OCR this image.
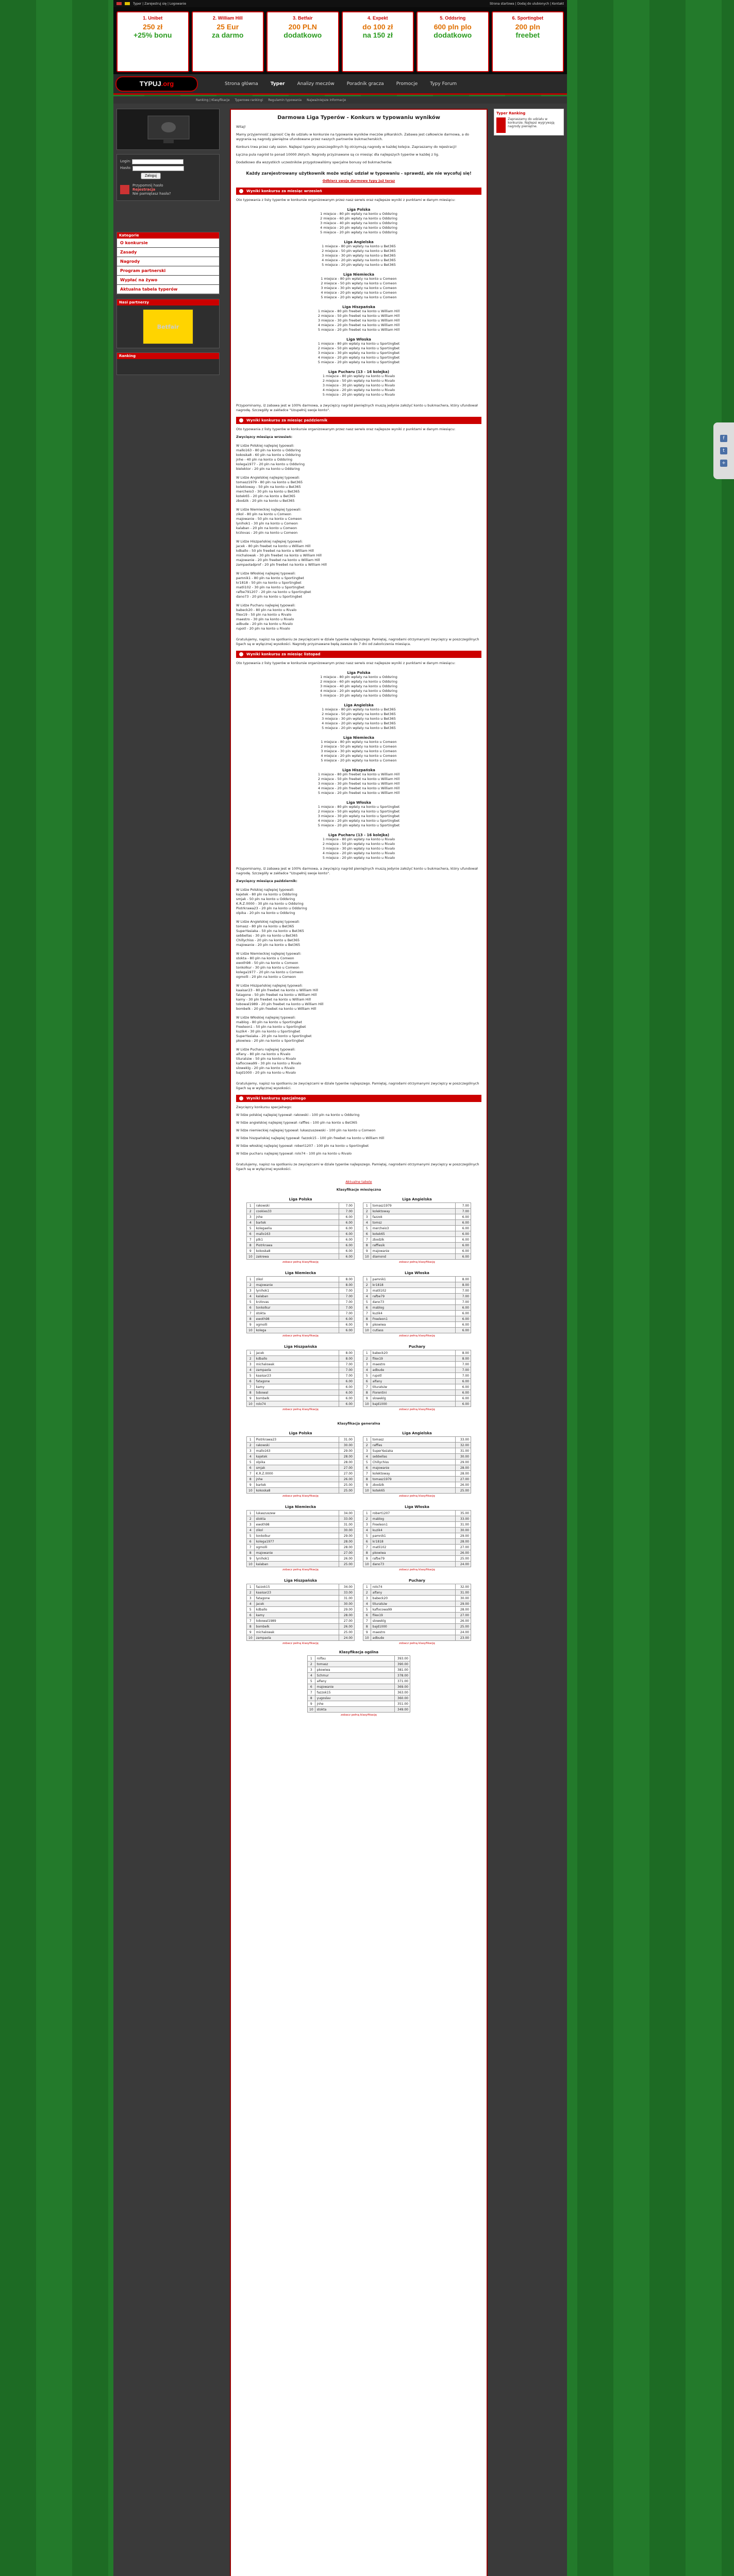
Typer | Zarejestruj się | Logowanie	Strona startowa | Dodaj do ulubionych | Kontakt
1. Unibet
250 zł
+25% bonu
2. William Hill
25 Eur
za darmo
3. Betfair
200 PLN
dodatkowo
4. Expekt
do 100 zł
na 150 zł
5. Oddsring
600 pln plo
dodatkowo
6. Sportingbet
200 pln
freebet
TYPUJ .org	Strona główna	Typer	Analizy meczów	Poradnik gracza	Promocje	Typy Forum
Ranking | Klasyfikacje Typerowe rankingi Regulamin typowania Najważniejsze informacje
Login:
Hasło:
Zaloguj
Przypomnij hasło
Rejestracja
Nie pamiętasz hasła?
Kategorie
O konkursie
Zasady
Nagrody
Program partnerski
Wypłać na żywo
Aktualna tabela typerów
Nasi partnerzy
Betfair
Ranking
Darmowa Liga Typerów - Konkurs w typowaniu wyników

Witaj!

Mamy przyjemność zaprosić Cię do udziału w konkursie na typowanie wyników meczów piłkarskich. Zabawa jest całkowicie darmowa, a do wygrania są nagrody pieniężne ufundowane przez naszych partnerów bukmacherskich.

Konkurs trwa przez cały sezon. Najlepsi typerzy poszczególnych lig otrzymują nagrody w każdej kolejce. Zapraszamy do rejestracji!

Łączna pula nagród to ponad 10000 złotych. Nagrody przyznawane są co miesiąc dla najlepszych typerów w każdej z lig.

Dodatkowo dla wszystkich uczestników przygotowaliśmy specjalne bonusy od bukmacherów.

Każdy zarejestrowany użytkownik może wziąć udział w typowaniu - sprawdź, ale nie wycofuj się!

Odbierz swoje darmowe typy już teraz

Wyniki konkursu za miesiąc wrzesień

Oto typowania z listy typerów w konkursie organizowanym przez nasz serwis oraz najlepsze wyniki z punktami w danym miesiącu:

Liga Polska
1 miejsce - 80 pln wpłaty na konto u Oddsring
2 miejsce - 60 pln wpłaty na konto u Oddsring
3 miejsce - 40 pln wpłaty na konto u Oddsring
4 miejsce - 20 pln wpłaty na konto u Oddsring
5 miejsce - 20 pln wpłaty na konto u Oddsring
Liga Angielska
1 miejsce - 80 pln wpłaty na konto u Bet365
2 miejsce - 50 pln wpłaty na konto u Bet365
3 miejsce - 30 pln wpłaty na konto u Bet365
4 miejsce - 20 pln wpłaty na konto u Bet365
5 miejsce - 20 pln wpłaty na konto u Bet365
Liga Niemiecka
1 miejsce - 80 pln wpłaty na konto u Comeon
2 miejsce - 50 pln wpłaty na konto u Comeon
3 miejsce - 30 pln wpłaty na konto u Comeon
4 miejsce - 20 pln wpłaty na konto u Comeon
5 miejsce - 20 pln wpłaty na konto u Comeon
Liga Hiszpańska
1 miejsce - 80 pln freebet na konto u William Hill
2 miejsce - 50 pln freebet na konto u William Hill
3 miejsce - 30 pln freebet na konto u William Hill
4 miejsce - 20 pln freebet na konto u William Hill
5 miejsce - 20 pln freebet na konto u William Hill
Liga Włoska
1 miejsce - 80 pln wpłaty na konto u Sportingbet
2 miejsce - 50 pln wpłaty na konto u Sportingbet
3 miejsce - 30 pln wpłaty na konto u Sportingbet
4 miejsce - 20 pln wpłaty na konto u Sportingbet
5 miejsce - 20 pln wpłaty na konto u Sportingbet
Liga Pucharu (13 - 16 kolejka)
1 miejsce - 80 pln wpłaty na konto u Rivalo
2 miejsce - 50 pln wpłaty na konto u Rivalo
3 miejsce - 30 pln wpłaty na konto u Rivalo
4 miejsce - 20 pln wpłaty na konto u Rivalo
5 miejsce - 20 pln wpłaty na konto u Rivalo

Przypominamy, iż zabawa jest w 100% darmowa, a zwycięzcy nagród pieniężnych muszą jedynie założyć konto u bukmachera, który ufundował nagrodę. Szczegóły w zakładce "Uzupełnij swoje konto".

Wyniki konkursu za miesiąc październik

Oto typowania z listy typerów w konkursie organizowanym przez nasz serwis oraz najlepsze wyniki z punktami w danym miesiącu:

Zwycięzcy miesiąca wrzesień:

W Lidze Polskiej najlepiej typowali:
mallo163 - 80 pln na konto u Oddsring
kokoska8 - 60 pln na konto u Oddsring
jnhe - 40 pln na konto u Oddsring
kolega1977 - 20 pln na konto u Oddsring
bielektor - 20 pln na konto u Oddsring
W Lidze Angielskiej najlepiej typowali:
tomasz1979 - 80 pln na konto u Bet365
kolektoway - 50 pln na konto u Bet365
mercheio3 - 30 pln na konto u Bet365
kotek65 - 20 pln na konto u Bet365
zbodzik - 20 pln na konto u Bet365
W Lidze Niemieckiej najlepiej typowali:
zikol - 80 pln na konto u Comeon
majowanie - 50 pln na konto u Comeon
lynihok1 - 30 pln na konto u Comeon
kalaban - 20 pln na konto u Comeon
krzlovas - 20 pln na konto u Comeon
W Lidze Hiszpańskiej najlepiej typowali:
jacek - 80 pln freebet na konto u William Hill
kdballo - 50 pln freebet na konto u William Hill
michalowak - 30 pln freebet na konto u William Hill
majowanie - 20 pln freebet na konto u William Hill
zampaoladprof - 20 pln freebet na konto u William Hill
W Lidze Włoskiej najlepiej typowali:
pamnik1 - 80 pln na konto u Sportingbet
kr1818 - 50 pln na konto u Sportingbet
matli102 - 30 pln na konto u Sportingbet
rafbe791207 - 20 pln na konto u Sportingbet
dano73 - 20 pln na konto u Sportingbet
W Lidze Pucharu najlepiej typowali:
babeck20 - 80 pln na konto u Rivalo
filex19 - 50 pln na konto u Rivalo
maestro - 30 pln na konto u Rivalo
adbude - 20 pln na konto u Rivalo
rupotl - 20 pln na konto u Rivalo

Gratulujemy, napisz na spotkaniu ze zwycięzcami w dziale typerów najlepszego. Pamiętaj, nagrodami otrzymanymi zwycięzcy w poszczególnych ligach są w wyłącznej wysokości. Nagrody przyznawane będą zawsze do 7 dni od zakończenia miesiąca.

Wyniki konkursu za miesiąc listopad

Oto typowania z listy typerów w konkursie organizowanym przez nasz serwis oraz najlepsze wyniki z punktami w danym miesiącu:

Liga Polska
1 miejsce - 80 pln wpłaty na konto u Oddsring
2 miejsce - 60 pln wpłaty na konto u Oddsring
3 miejsce - 40 pln wpłaty na konto u Oddsring
4 miejsce - 20 pln wpłaty na konto u Oddsring
5 miejsce - 20 pln wpłaty na konto u Oddsring
Liga Angielska
1 miejsce - 80 pln wpłaty na konto u Bet365
2 miejsce - 50 pln wpłaty na konto u Bet365
3 miejsce - 30 pln wpłaty na konto u Bet365
4 miejsce - 20 pln wpłaty na konto u Bet365
5 miejsce - 20 pln wpłaty na konto u Bet365
Liga Niemiecka
1 miejsce - 80 pln wpłaty na konto u Comeon
2 miejsce - 50 pln wpłaty na konto u Comeon
3 miejsce - 30 pln wpłaty na konto u Comeon
4 miejsce - 20 pln wpłaty na konto u Comeon
5 miejsce - 20 pln wpłaty na konto u Comeon
Liga Hiszpańska
1 miejsce - 80 pln freebet na konto u William Hill
2 miejsce - 50 pln freebet na konto u William Hill
3 miejsce - 30 pln freebet na konto u William Hill
4 miejsce - 20 pln freebet na konto u William Hill
5 miejsce - 20 pln freebet na konto u William Hill
Liga Włoska
1 miejsce - 80 pln wpłaty na konto u Sportingbet
2 miejsce - 50 pln wpłaty na konto u Sportingbet
3 miejsce - 30 pln wpłaty na konto u Sportingbet
4 miejsce - 20 pln wpłaty na konto u Sportingbet
5 miejsce - 20 pln wpłaty na konto u Sportingbet
Liga Pucharu (13 - 16 kolejka)
1 miejsce - 80 pln wpłaty na konto u Rivalo
2 miejsce - 50 pln wpłaty na konto u Rivalo
3 miejsce - 30 pln wpłaty na konto u Rivalo
4 miejsce - 20 pln wpłaty na konto u Rivalo
5 miejsce - 20 pln wpłaty na konto u Rivalo

Przypominamy, iż zabawa jest w 100% darmowa, a zwycięzcy nagród pieniężnych muszą jedynie założyć konto u bukmachera, który ufundował nagrodę. Szczegóły w zakładce "Uzupełnij swoje konto".

Zwycięzcy miesiąca październik:

W Lidze Polskiej najlepiej typowali:
kajetek - 80 pln na konto u Oddsring
smjak - 50 pln na konto u Oddsring
K.R.Z.0000 - 30 pln na konto u Oddsring
Piotrkrawa23 - 20 pln na konto u Oddsring
olpika - 20 pln na konto u Oddsring
W Lidze Angielskiej najlepiej typowali:
tomasz - 80 pln na konto u Bet365
SuperYasiaka - 50 pln na konto u Bet365
sebbellas - 30 pln na konto u Bet365
Chillychiss - 20 pln na konto u Bet365
majowanie - 20 pln na konto u Bet365
W Lidze Niemieckiej najlepiej typowali:
stokta - 80 pln na konto u Comeon
ewoth98 - 50 pln na konto u Comeon
tonkolkur - 30 pln na konto u Comeon
kolega1977 - 20 pln na konto u Comeon
ogmolli - 20 pln na konto u Comeon
W Lidze Hiszpańskiej najlepiej typowali:
kaaisar23 - 80 pln freebet na konto u William Hill
fatagone - 50 pln freebet na konto u William Hill
kamy - 30 pln freebet na konto u William Hill
tobowal1989 - 20 pln freebet na konto u William Hill
bombelk - 20 pln freebet na konto u William Hill
W Lidze Włoskiej najlepiej typowali:
mablog - 80 pln na konto u Sportingbet
Freeleon1 - 50 pln na konto u Sportingbet
kuzik4 - 30 pln na konto u Sportingbet
SuperYasiaka - 20 pln na konto u Sportingbet
pkowiwa - 20 pln na konto u Sportingbet
W Lidze Pucharu najlepiej typowali:
alfany - 80 pln na konto u Rivalo
tituratsiw - 50 pln na konto u Rivalo
kaflocowa99 - 30 pln na konto u Rivalo
sloweklg - 20 pln na konto u Rivalo
bajd1000 - 20 pln na konto u Rivalo

Gratulujemy, napisz na spotkaniu ze zwycięzcami w dziale typerów najlepszego. Pamiętaj, nagrodami otrzymanymi zwycięzcy w poszczególnych ligach są w wyłącznej wysokości.

Wyniki konkursu specjalnego

Zwycięzcy konkursu specjalnego:

W lidze polskiej najlepiej typował: rakowski - 100 pln na konto u Oddsring

W lidze angielskiej najlepiej typował: raffles - 100 pln na konto u Bet365

W lidze niemieckiej najlepiej typował: lukaszuszewski - 100 pln na konto u Comeon

W lidze hiszpańskiej najlepiej typował: fazzok15 - 100 pln freebet na konto u William Hill

W lidze włoskiej najlepiej typował: robert1207 - 100 pln na konto u Sportingbet

W lidze pucharu najlepiej typował: rolo74 - 100 pln na konto u Rivalo

Gratulujemy, napisz na spotkaniu ze zwycięzcami w dziale typerów najlepszego. Pamiętaj, nagrodami otrzymanymi zwycięzcy w poszczególnych ligach są w wyłącznej wysokości.

Aktualne tabele

Klasyfikacje miesięczna

Liga Polska
1	rakowski	7.00
2	cookies33	7.00
3	jnhe	6.00
4	bartek	6.00
5	kolegaelia	6.00
6	mallo163	6.00
7	ptk1	6.00
8	Piotrkrawa	6.00
9	kokoska8	6.00
10	zakrewa	6.00
zobacz pełną klasyfikację
Liga Angielska
1	tomasz1979	7.00
2	kolektoway	7.00
3	fazzok	6.00
4	tomsz	6.00
5	mercheio3	6.00
6	kotek65	6.00
7	zbodzik	6.00
8	rafflesik	6.00
9	majowanie	6.00
10	diamond	6.00
zobacz pełną klasyfikację
Liga Niemiecka
1	zikol	8.00
2	majowanie	8.00
3	lynihok1	7.00
4	kalaban	7.00
5	krzlovas	7.00
6	tonkolkur	7.00
7	stokta	7.00
8	ewoth98	6.00
9	ogmolli	6.00
10	kolega	6.00
zobacz pełną klasyfikację
Liga Włoska
1	pamnik1	8.00
2	kr1818	8.00
3	matli102	7.00
4	rafbe79	7.00
5	dano73	7.00
6	mablog	6.00
7	kuzik4	6.00
8	Freeleon1	6.00
9	pkowiwa	6.00
10	cutlass	6.00
zobacz pełną klasyfikację
Liga Hiszpańska
1	jacek	8.00
2	kdballo	8.00
3	michalowak	7.00
4	zampaola	7.00
5	kaaisar23	7.00
6	fatagone	6.00
7	kamy	6.00
8	tobowal	6.00
9	bombelk	6.00
10	rolo74	6.00
zobacz pełną klasyfikację
Puchary
1	babeck20	8.00
2	filex19	8.00
3	maestro	7.00
4	adbude	7.00
5	rupotl	7.00
6	alfany	6.00
7	tituratsiw	6.00
8	Fiorentini	6.00
9	sloweklg	6.00
10	bajd1000	6.00
zobacz pełną klasyfikację

Klasyfikacja generalna

Liga Polska
1	Piotrkrawa23	31.00
2	rakowski	30.00
3	mallo163	29.00
4	kajetek	28.00
5	olpika	28.00
6	smjak	27.00
7	K.R.Z.0000	27.00
8	jnhe	26.00
9	bartek	25.00
10	kokoska8	25.00
zobacz pełną klasyfikację
Liga Angielska
1	tomasz	33.00
2	raffles	32.00
3	SuperYasiaka	31.00
4	sebbellas	30.00
5	Chillychiss	29.00
6	majowanie	28.00
7	kolektoway	28.00
8	tomasz1979	27.00
9	zbodzik	26.00
10	kotek65	25.00
zobacz pełną klasyfikację
Liga Niemiecka
1	lukaszuszew	34.00
2	stokta	33.00
3	ewoth98	31.00
4	zikol	30.00
5	tonkolkur	29.00
6	kolega1977	28.00
7	ogmolli	28.00
8	majowanie	27.00
9	lynihok1	26.00
10	kalaban	25.00
zobacz pełną klasyfikację
Liga Włoska
1	robert1207	35.00
2	mablog	33.00
3	Freeleon1	31.00
4	kuzik4	30.00
5	pamnik1	29.00
6	kr1818	28.00
7	matli102	27.00
8	pkowiwa	26.00
9	rafbe79	25.00
10	dano73	24.00
zobacz pełną klasyfikację
Liga Hiszpańska
1	fazzok15	34.00
2	kaaisar23	33.00
3	fatagone	31.00
4	jacek	30.00
5	kdballo	29.00
6	kamy	28.00
7	tobowal1989	27.00
8	bombelk	26.00
9	michalowak	25.00
10	zampaola	24.00
zobacz pełną klasyfikację
Puchary
1	rolo74	32.00
2	alfany	31.00
3	babeck20	30.00
4	tituratsiw	29.00
5	kaflocowa99	28.00
6	filex19	27.00
7	sloweklg	26.00
8	bajd1000	25.00
9	maestro	24.00
10	adbude	23.00
zobacz pełną klasyfikację
Klasyfikacja ogólna
1	rolfau	393.00
2	tomasz	390.00
3	pkowiwa	381.00
4	Schmur	378.00
5	alfany	371.00
6	majowanie	369.00
7	fazzok15	363.00
8	yugoslav	360.00
9	jnhe	351.00
10	stokta	349.00
zobacz pełną klasyfikację
Typer Ranking
Zapraszamy do udziału w konkursie. Najlepsi wygrywają nagrody pieniężne.
f
t
+
